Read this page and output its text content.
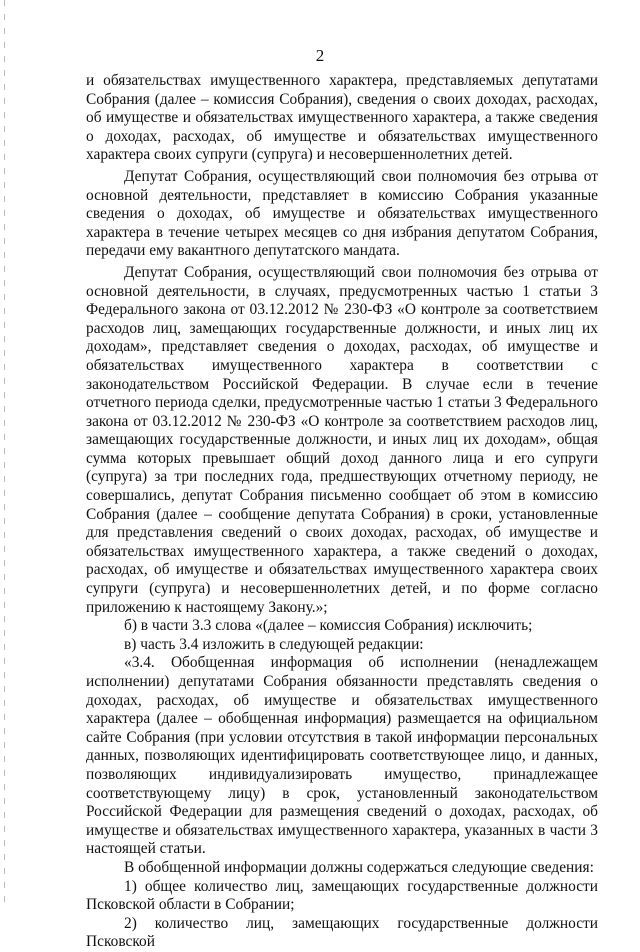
2

и обязательствах имущественного характера, представляемых депутатами Собрания (далее – комиссия Собрания), сведения о своих доходах, расходах, об имуществе и обязательствах имущественного характера, а также сведения о доходах, расходах, об имуществе и обязательствах имущественного характера своих супруги (супруга) и несовершеннолетних детей.

Депутат Собрания, осуществляющий свои полномочия без отрыва от основной деятельности, представляет в комиссию Собрания указанные сведения о доходах, об имуществе и обязательствах имущественного характера в течение четырех месяцев со дня избрания депутатом Собрания, передачи ему вакантного депутатского мандата.

Депутат Собрания, осуществляющий свои полномочия без отрыва от основной деятельности, в случаях, предусмотренных частью 1 статьи 3 Федерального закона от 03.12.2012 № 230-ФЗ «О контроле за соответствием расходов лиц, замещающих государственные должности, и иных лиц их доходам», представляет сведения о доходах, расходах, об имуществе и обязательствах имущественного характера в соответствии с законодательством Российской Федерации. В случае если в течение отчетного периода сделки, предусмотренные частью 1 статьи 3 Федерального закона от 03.12.2012 № 230-ФЗ «О контроле за соответствием расходов лиц, замещающих государственные должности, и иных лиц их доходам», общая сумма которых превышает общий доход данного лица и его супруги (супруга) за три последних года, предшествующих отчетному периоду, не совершались, депутат Собрания письменно сообщает об этом в комиссию Собрания (далее – сообщение депутата Собрания) в сроки, установленные для представления сведений о своих доходах, расходах, об имуществе и обязательствах имущественного характера, а также сведений о доходах, расходах, об имуществе и обязательствах имущественного характера своих супруги (супруга) и несовершеннолетних детей, и по форме согласно приложению к настоящему Закону.»;

б) в части 3.3 слова «(далее – комиссия Собрания) исключить;

в) часть 3.4 изложить в следующей редакции:

«3.4. Обобщенная информация об исполнении (ненадлежащем исполнении) депутатами Собрания обязанности представлять сведения о доходах, расходах, об имуществе и обязательствах имущественного характера (далее – обобщенная информация) размещается на официальном сайте Собрания (при условии отсутствия в такой информации персональных данных, позволяющих идентифицировать соответствующее лицо, и данных, позволяющих индивидуализировать имущество, принадлежащее соответствующему лицу) в срок, установленный законодательством Российской Федерации для размещения сведений о доходах, расходах, об имуществе и обязательствах имущественного характера, указанных в части 3 настоящей статьи.

В обобщенной информации должны содержаться следующие сведения:

1) общее количество лиц, замещающих государственные должности Псковской области в Собрании;

2) количество лиц, замещающих государственные должности Псковской
